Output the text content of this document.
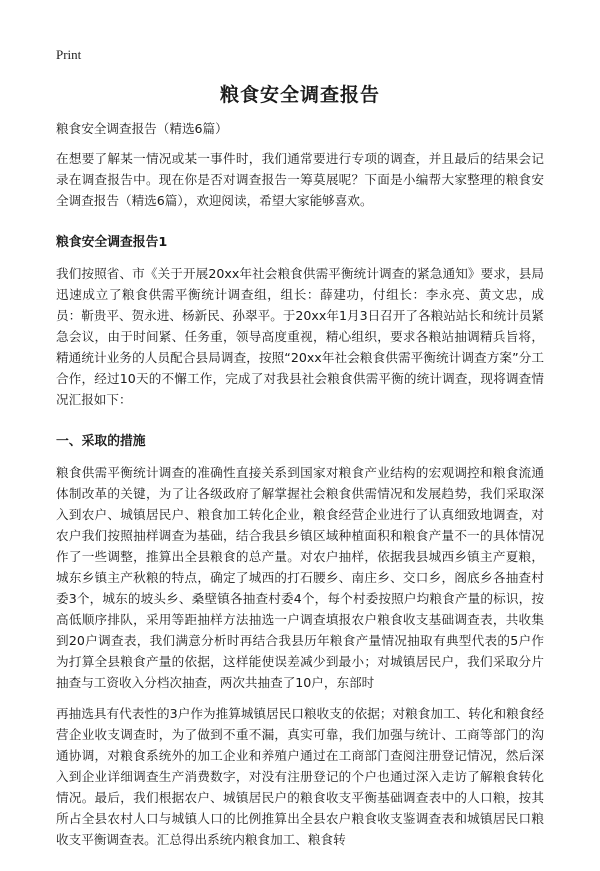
Print
粮食安全调查报告

粮食安全调查报告（精选6篇）

在想要了解某一情况或某一事件时，我们通常要进行专项的调查，并且最后的结果会记录在调查报告中。现在你是否对调查报告一筹莫展呢？下面是小编帮大家整理的粮食安全调查报告（精选6篇），欢迎阅读，希望大家能够喜欢。

粮食安全调查报告1

我们按照省、市《关于开展20xx年社会粮食供需平衡统计调查的紧急通知》要求，县局迅速成立了粮食供需平衡统计调查组，组长：薛建功，付组长：李永亮、黄文忠，成员：靳贵平、贺永进、杨新民、孙翠平。于20xx年1月3日召开了各粮站站长和统计员紧急会议，由于时间紧、任务重，领导高度重视，精心组织，要求各粮站抽调精兵旨将，精通统计业务的人员配合县局调查，按照“20xx年社会粮食供需平衡统计调查方案”分工合作，经过10天的不懈工作，完成了对我县社会粮食供需平衡的统计调查，现将调查情况汇报如下：

一、采取的措施

粮食供需平衡统计调查的准确性直接关系到国家对粮食产业结构的宏观调控和粮食流通体制改革的关键，为了让各级政府了解掌握社会粮食供需情况和发展趋势，我们采取深入到农户、城镇居民户、粮食加工转化企业，粮食经营企业进行了认真细致地调查，对农户我们按照抽样调查为基础，结合我县乡镇区域种植面积和粮食产量不一的具体情况作了一些调整，推算出全县粮食的总产量。对农户抽样，依据我县城西乡镇主产夏粮，城东乡镇主产秋粮的特点，确定了城西的打石腰乡、南庄乡、交口乡，阁底乡各抽查村委3个，城东的坡头乡、桑壁镇各抽查村委4个，每个村委按照户均粮食产量的标识，按高低顺序排队，采用等距抽样方法抽选一户调查填报农户粮食收支基础调查表，共收集到20户调查表，我们满意分析时再结合我县历年粮食产量情况抽取有典型代表的5户作为打算全县粮食产量的依据，这样能使误差减少到最小；对城镇居民户，我们采取分片抽查与工资收入分档次抽查，两次共抽查了10户，东部时

再抽选具有代表性的3户作为推算城镇居民口粮收支的依据；对粮食加工、转化和粮食经营企业收支调查时，为了做到不重不漏，真实可靠，我们加强与统计、工商等部门的沟通协调，对粮食系统外的加工企业和养殖户通过在工商部门查阅注册登记情况，然后深入到企业详细调查生产消费数字，对没有注册登记的个户也通过深入走访了解粮食转化情况。最后，我们根据农户、城镇居民户的粮食收支平衡基础调查表中的人口粮，按其所占全县农村人口与城镇人口的比例推算出全县农户粮食收支鉴调查表和城镇居民口粮收支平衡调查表。汇总得出系统内粮食加工、粮食转
